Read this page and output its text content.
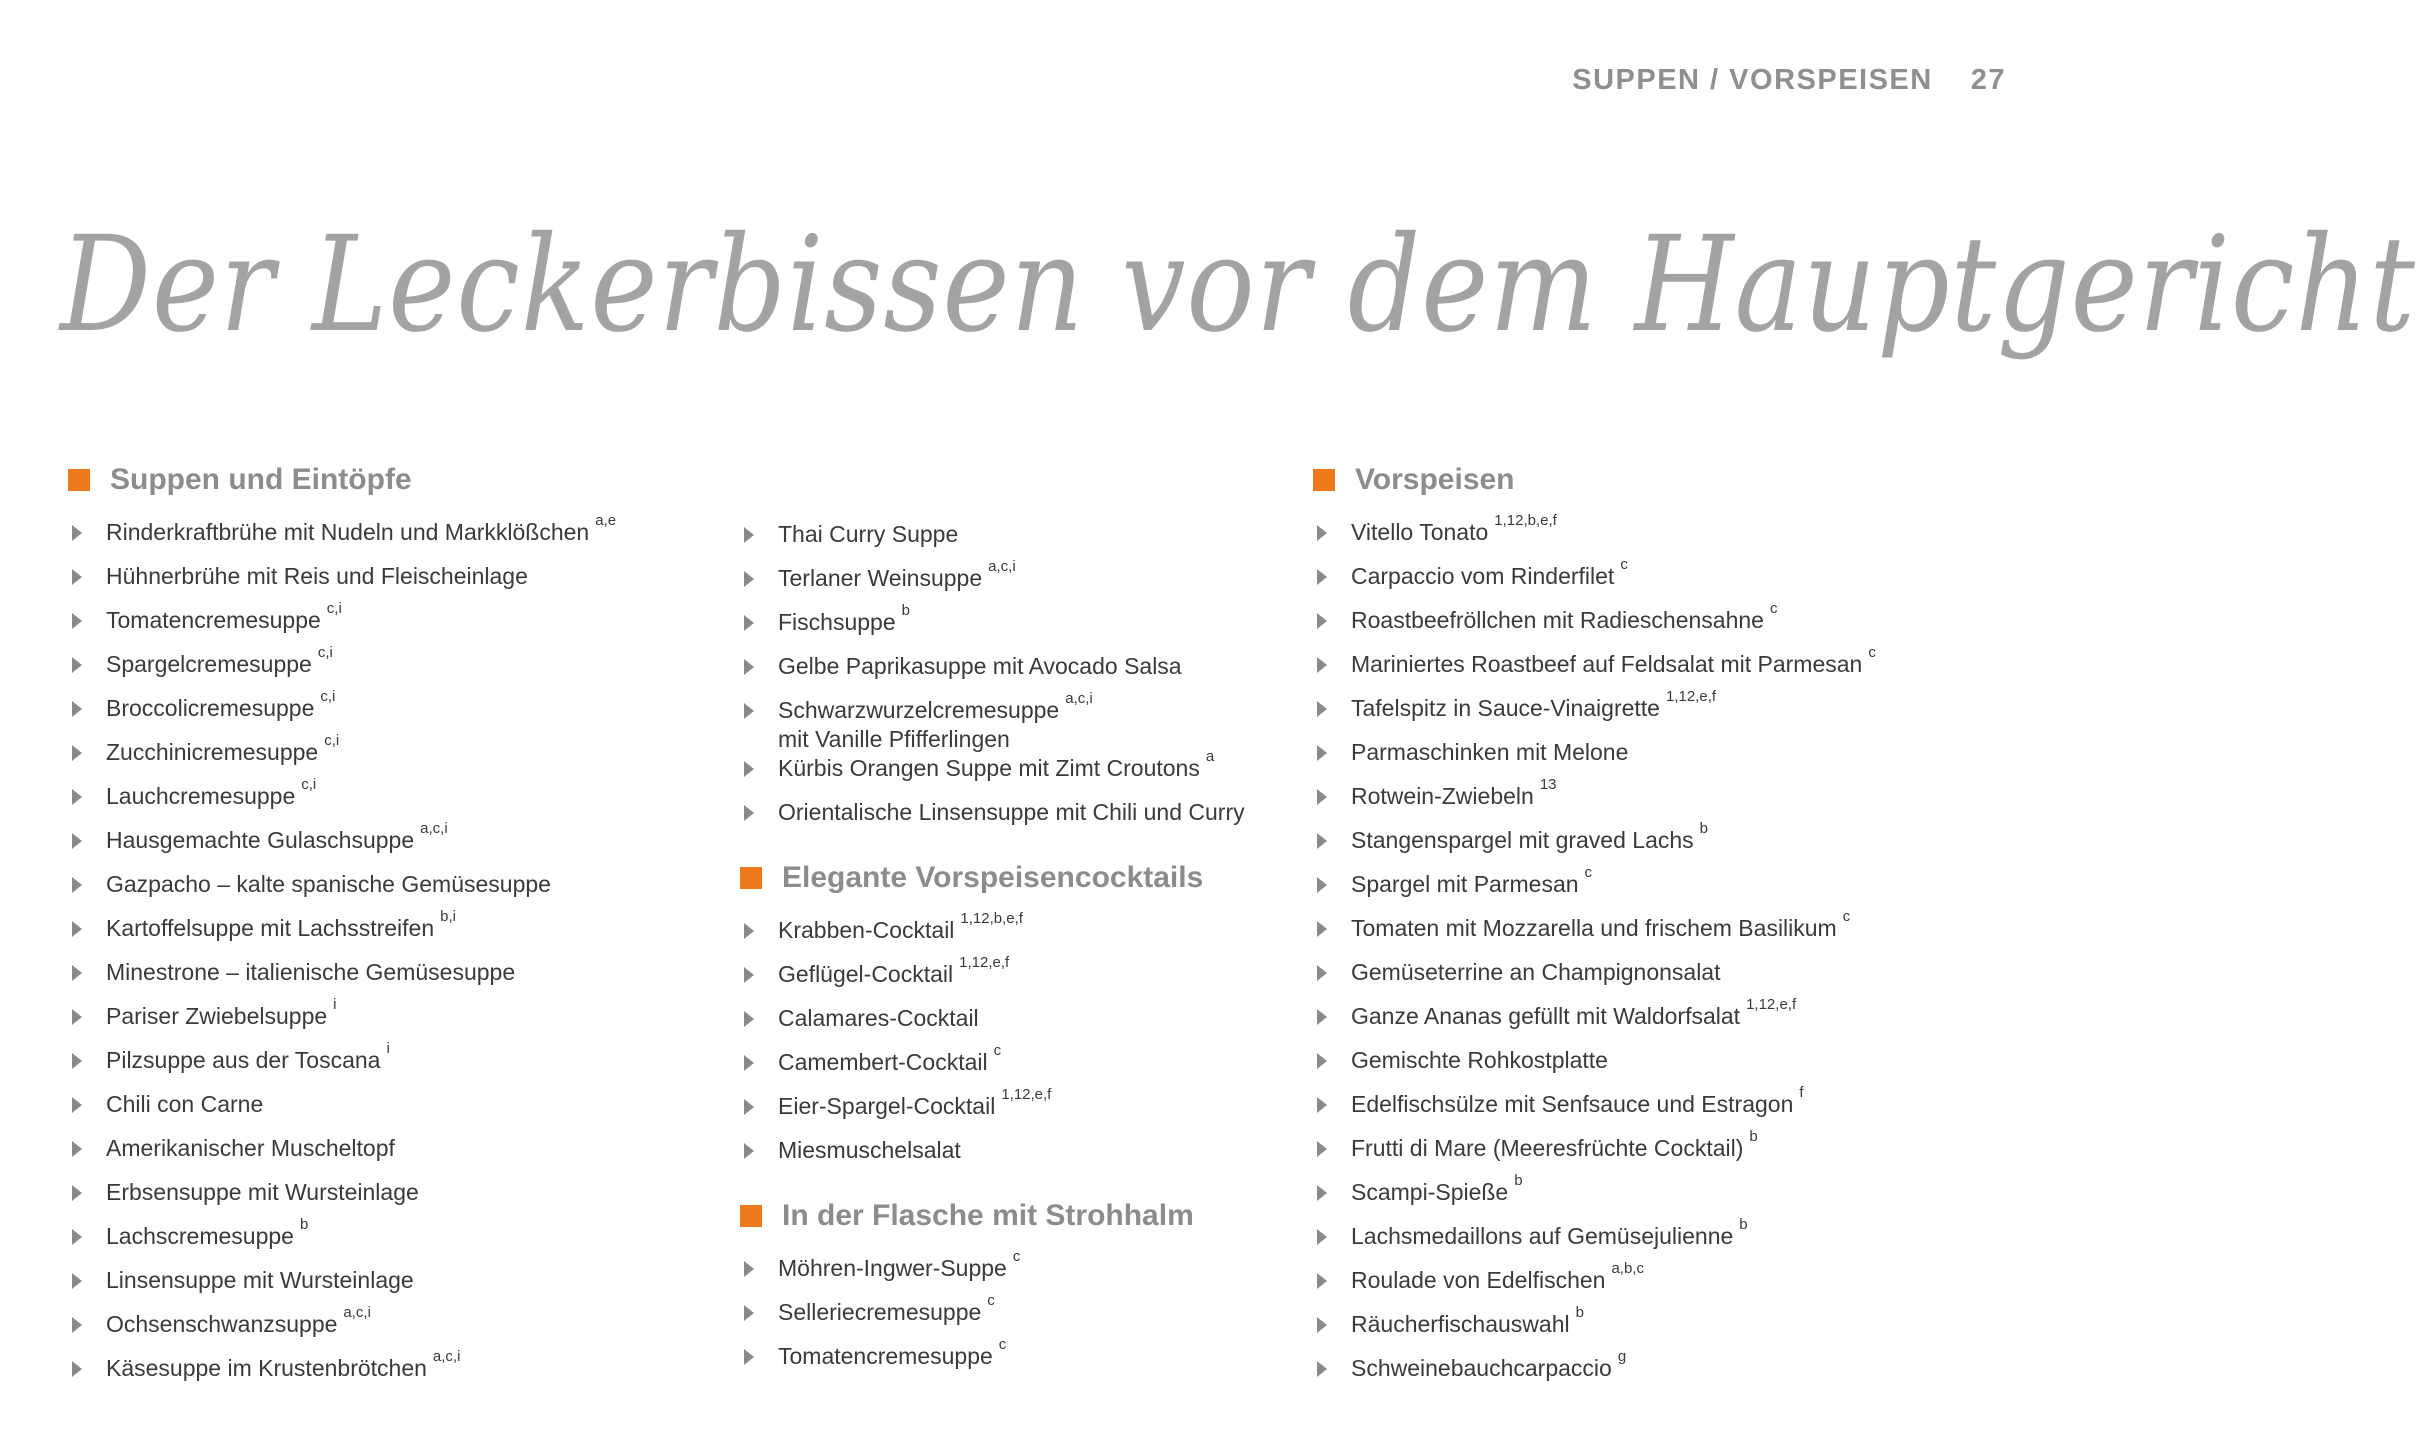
SUPPEN / VORSPEISEN 27
Der Leckerbissen vor dem Hauptgericht
Suppen und Eintöpfe
Rinderkraftbrühe mit Nudeln und Markklößchen a,e
Hühnerbrühe mit Reis und Fleischeinlage
Tomatencremesuppe c,i
Spargelcremesuppe c,i
Broccolicremesuppe c,i
Zucchinicremesuppe c,i
Lauchcremesuppe c,i
Hausgemachte Gulaschsuppe a,c,i
Gazpacho – kalte spanische Gemüsesuppe
Kartoffelsuppe mit Lachsstreifen b,i
Minestrone – italienische Gemüsesuppe
Pariser Zwiebelsuppe i
Pilzsuppe aus der Toscana i
Chili con Carne
Amerikanischer Muscheltopf
Erbsensuppe mit Wursteinlage
Lachscremesuppe b
Linsensuppe mit Wursteinlage
Ochsenschwanzsuppe a,c,i
Käsesuppe im Krustenbrötchen a,c,i
Thai Curry Suppe
Terlaner Weinsuppe a,c,i
Fischsuppe b
Gelbe Paprikasuppe mit Avocado Salsa
Schwarzwurzelcremesuppe
mit Vanille Pfifferlingen
a,c,i
Kürbis Orangen Suppe mit Zimt Croutons a
Orientalische Linsensuppe mit Chili und Curry
Elegante Vorspeisencocktails
Krabben-Cocktail 1,12,b,e,f
Geflügel-Cocktail 1,12,e,f
Calamares-Cocktail
Camembert-Cocktail c
Eier-Spargel-Cocktail 1,12,e,f
Miesmuschelsalat
In der Flasche mit Strohhalm
Möhren-Ingwer-Suppe c
Selleriecremesuppe c
Tomatencremesuppe c
Vorspeisen
Vitello Tonato 1,12,b,e,f
Carpaccio vom Rinderfilet c
Roastbeefröllchen mit Radieschensahne c
Mariniertes Roastbeef auf Feldsalat mit Parmesan c
Tafelspitz in Sauce-Vinaigrette 1,12,e,f
Parmaschinken mit Melone
Rotwein-Zwiebeln 13
Stangenspargel mit graved Lachs b
Spargel mit Parmesan c
Tomaten mit Mozzarella und frischem Basilikum c
Gemüseterrine an Champignonsalat
Ganze Ananas gefüllt mit Waldorfsalat 1,12,e,f
Gemischte Rohkostplatte
Edelfischsülze mit Senfsauce und Estragon f
Frutti di Mare (Meeresfrüchte Cocktail) b
Scampi-Spieße b
Lachsmedaillons auf Gemüsejulienne b
Roulade von Edelfischen a,b,c
Räucherfischauswahl b
Schweinebauchcarpaccio g
